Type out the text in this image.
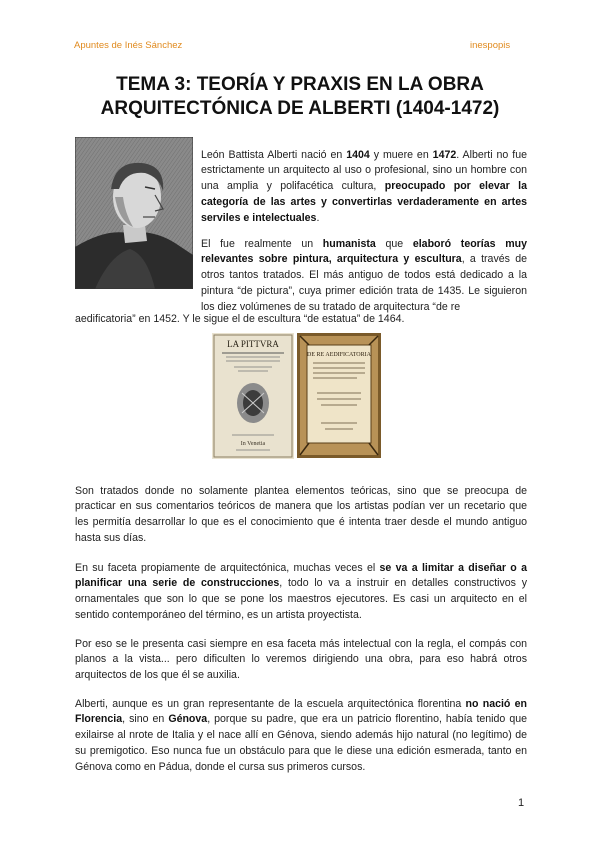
Apuntes de Inés Sánchez	inespopis
TEMA 3: TEORÍA Y PRAXIS EN LA OBRA
ARQUITECTÓNICA DE ALBERTI (1404-1472)

León Battista Alberti nació en 1404 y muere en 1472. Alberti no fue estrictamente un arquitecto al uso o profesional, sino un hombre con una amplia y polifacética cultura, preocupado por elevar la categoría de las artes y convertirlas verdaderamente en artes serviles e intelectuales.

El fue realmente un humanista que elaboró teorías muy relevantes sobre pintura, arquitectura y escultura, a través de otros tantos tratados. El más antiguo de todos está dedicado a la pintura “de pictura”, cuya primer edición trata de 1435. Le siguieron los diez volúmenes de su tratado de arquitectura “de re

aedificatoria” en 1452. Y le sigue el de escultura “de estatua” de 1464.

LA PITTVRA
In Venetia
DE RE AEDIFICATORIA

Son tratados donde no solamente plantea elementos teóricas, sino que se preocupa de practicar en sus comentarios teóricos de manera que los artistas podían ver un recetario que les permitía desarrollar lo que es el conocimiento que é intenta traer desde el mundo antiguo hasta sus días.

En su faceta propiamente de arquitectónica, muchas veces el se va a limitar a diseñar o a planificar una serie de construcciones, todo lo va a instruir en detalles constructivos y ornamentales que son lo que se pone los maestros ejecutores. Es casi un arquitecto en el sentido contemporáneo del término, es un artista proyectista.

Por eso se le presenta casi siempre en esa faceta más intelectual con la regla, el compás con planos a la vista... pero dificulten lo veremos dirigiendo una obra, para eso habrá otros arquitectos de los que él se auxilia.

Alberti, aunque es un gran representante de la escuela arquitectónica florentina no nació en Florencia, sino en Génova, porque su padre, que era un patricio florentino, había tenido que exilairse al nrote de Italia y el nace allí en Génova, siendo además hijo natural (no legítimo) de su premigotico. Eso nunca fue un obstáculo para que le diese una edición esmerada, tanto en Génova como en Pádua, donde el cursa sus primeros cursos.

1
